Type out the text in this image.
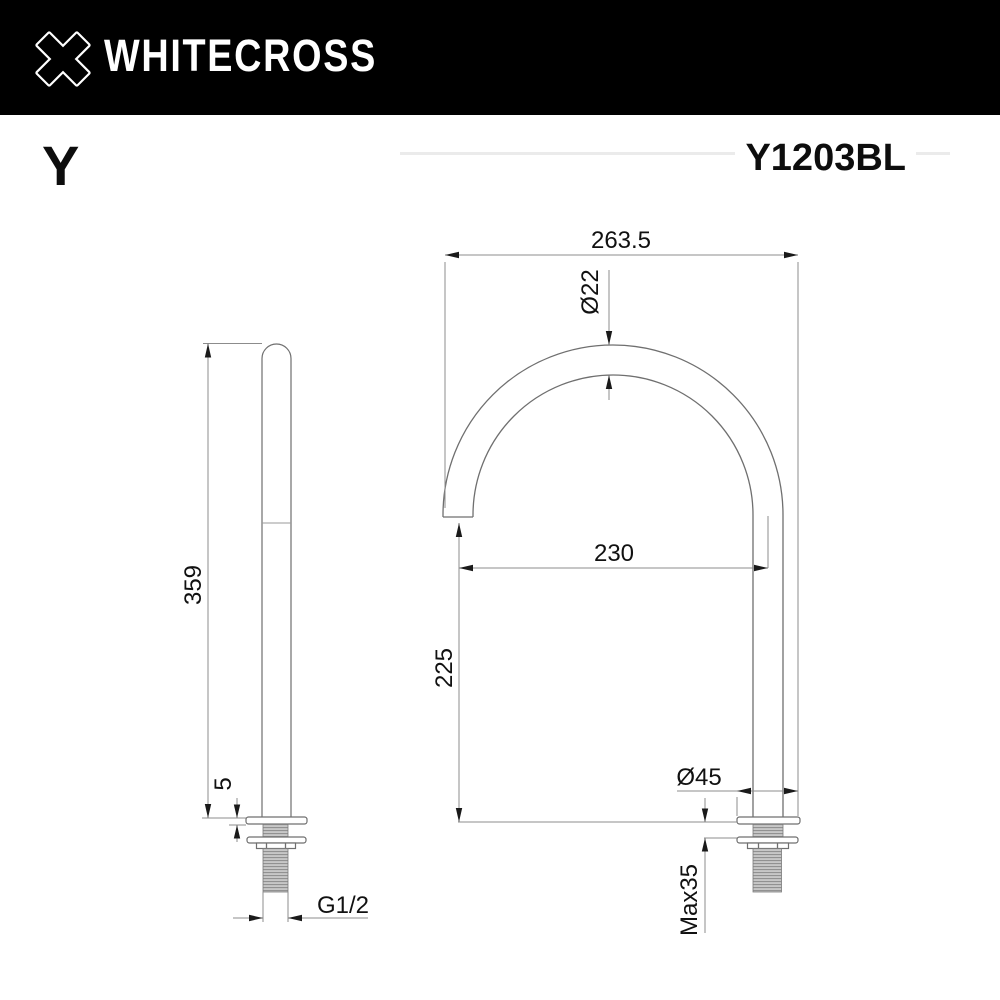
WHITECROSS
Y	Y1203BL
359
5
G1/2
263.5
Ø22
230
225
Ø45
Max35
